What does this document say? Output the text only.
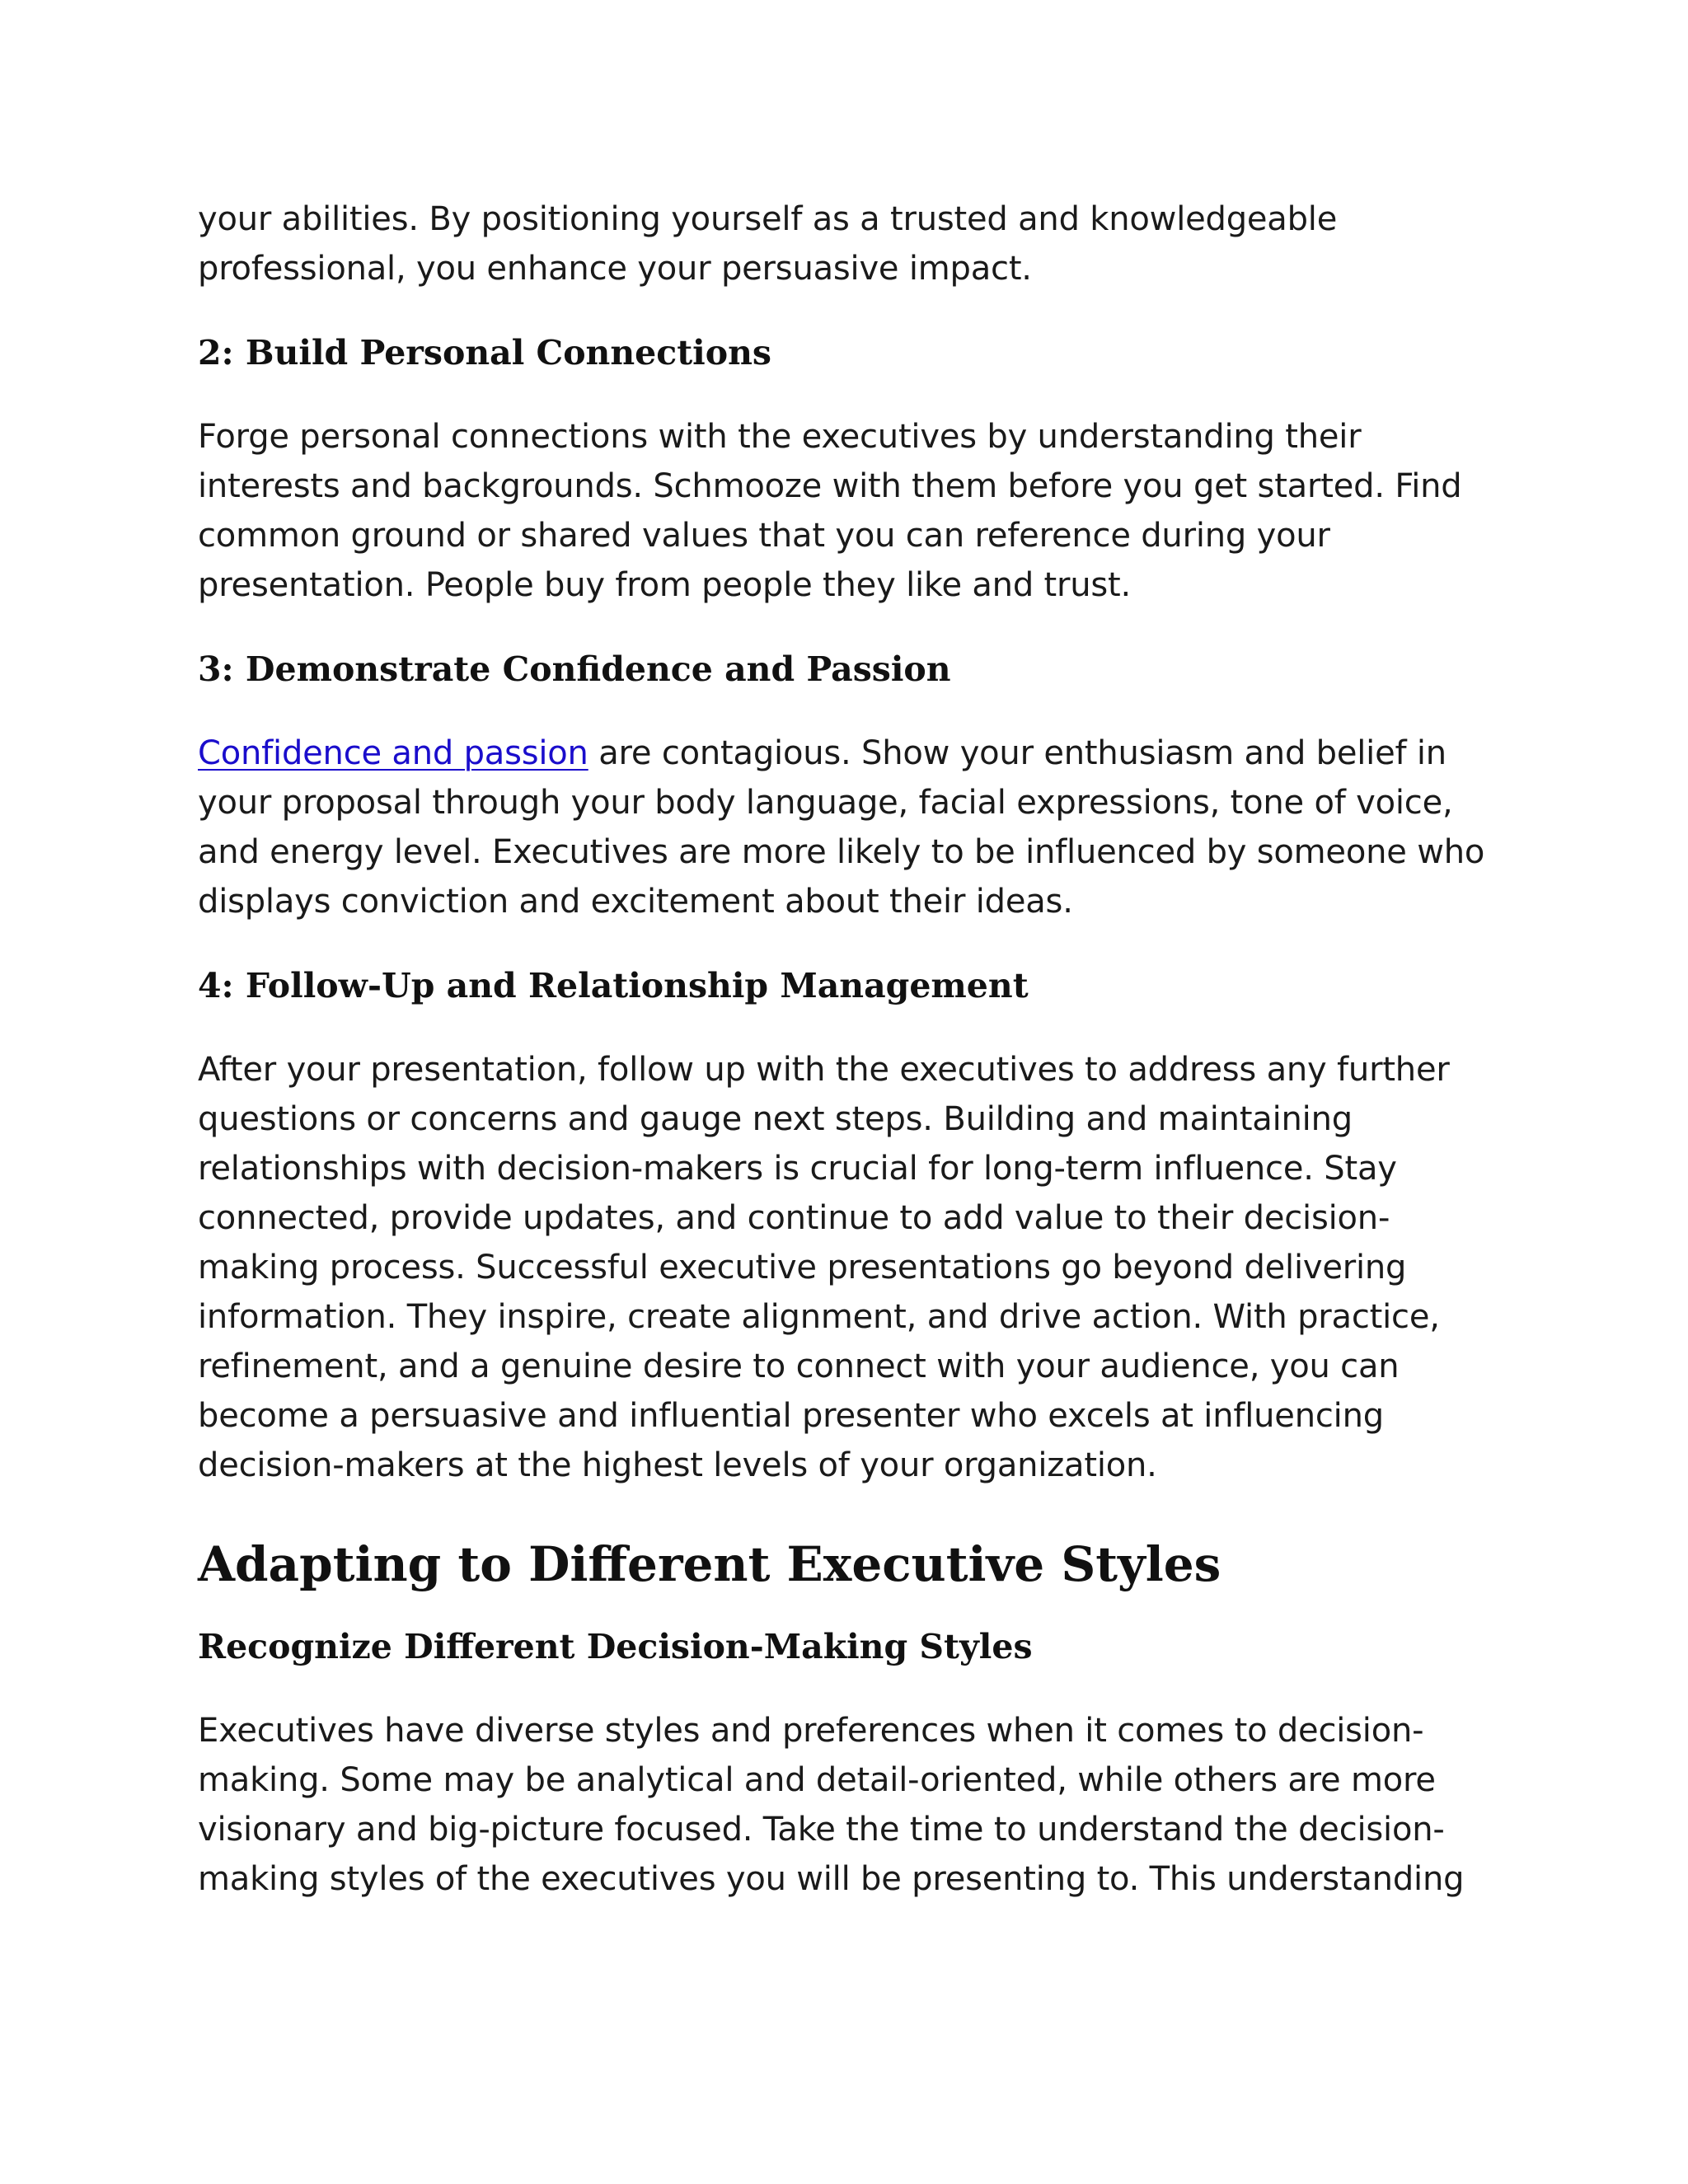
your abilities. By positioning yourself as a trusted and knowledgeable professional, you enhance your persuasive impact.

2: Build Personal Connections

Forge personal connections with the executives by understanding their interests and backgrounds. Schmooze with them before you get started. Find common ground or shared values that you can reference during your presentation. People buy from people they like and trust.

3: Demonstrate Confidence and Passion

Confidence and passion are contagious. Show your enthusiasm and belief in your proposal through your body language, facial expressions, tone of voice, and energy level. Executives are more likely to be influenced by someone who displays conviction and excitement about their ideas.

4: Follow-Up and Relationship Management

After your presentation, follow up with the executives to address any further questions or concerns and gauge next steps. Building and maintaining relationships with decision-makers is crucial for long-term influence. Stay connected, provide updates, and continue to add value to their decision-making process. Successful executive presentations go beyond delivering information. They inspire, create alignment, and drive action. With practice, refinement, and a genuine desire to connect with your audience, you can become a persuasive and influential presenter who excels at influencing decision-makers at the highest levels of your organization.

Adapting to Different Executive Styles
Recognize Different Decision-Making Styles

Executives have diverse styles and preferences when it comes to decision-making. Some may be analytical and detail-oriented, while others are more visionary and big-picture focused. Take the time to understand the decision-making styles of the executives you will be presenting to. This understanding
